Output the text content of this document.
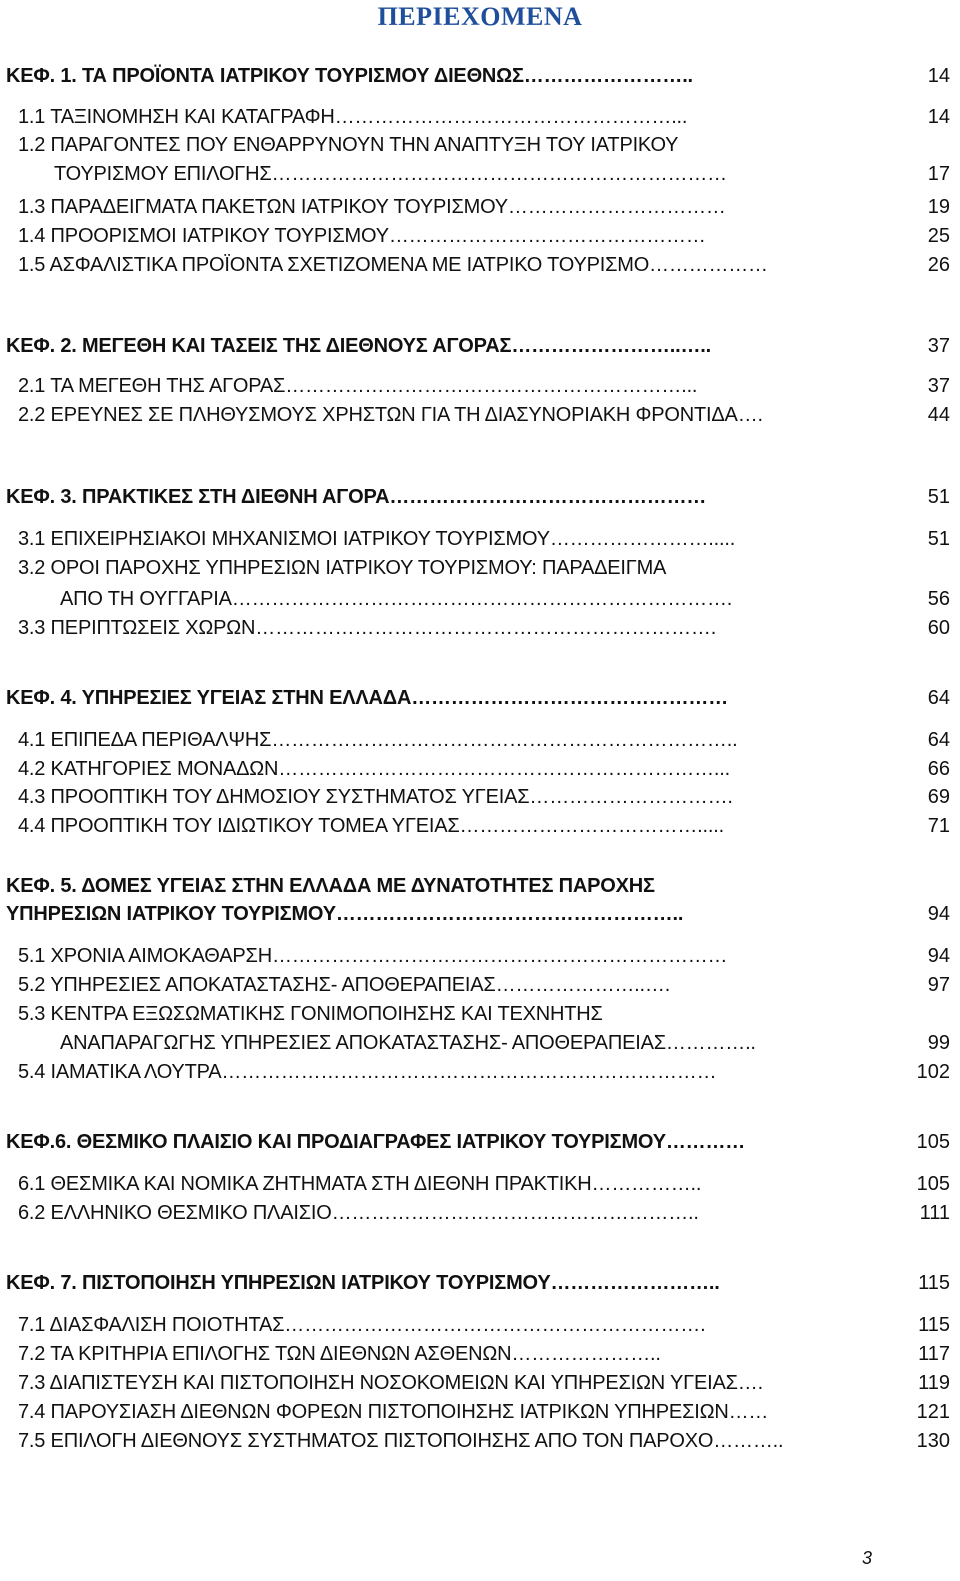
ΠΕΡΙΕΧΟΜΕΝΑ
ΚΕΦ. 1. ΤΑ ΠΡΟΪΟΝΤΑ ΙΑΤΡΙΚΟΥ ΤΟΥΡΙΣΜΟΥ ΔΙΕΘΝΩΣ……………………..	14
1.1 ΤΑΞΙΝΟΜΗΣΗ ΚΑΙ ΚΑΤΑΓΡΑΦΗ……………………………………………...	14
1.2 ΠΑΡΑΓΟΝΤΕΣ ΠΟΥ ΕΝΘΑΡΡΥΝΟΥΝ ΤΗΝ ΑΝΑΠΤΥΞΗ ΤΟΥ ΙΑΤΡΙΚΟΥ
ΤΟΥΡΙΣΜΟΥ ΕΠΙΛΟΓΗΣ……………………………………………………………	17
1.3 ΠΑΡΑΔΕΙΓΜΑΤΑ ΠΑΚΕΤΩΝ ΙΑΤΡΙΚΟΥ ΤΟΥΡΙΣΜΟΥ……………………………	19
1.4 ΠΡΟΟΡΙΣΜΟΙ ΙΑΤΡΙΚΟΥ ΤΟΥΡΙΣΜΟΥ…………………………………………	25
1.5 ΑΣΦΑΛΙΣΤΙΚΑ ΠΡΟΪΟΝΤΑ ΣΧΕΤΙΖΟΜΕΝΑ ΜΕ ΙΑΤΡΙΚΟ ΤΟΥΡΙΣΜΟ………………	26
ΚΕΦ. 2. ΜΕΓΕΘΗ ΚΑΙ ΤΑΣΕΙΣ ΤΗΣ ΔΙΕΘΝΟΥΣ ΑΓΟΡΑΣ……………………..…..	37
2.1 ΤΑ ΜΕΓΕΘΗ ΤΗΣ ΑΓΟΡΑΣ……………………………………………………...	37
2.2 ΕΡΕΥΝΕΣ ΣΕ ΠΛΗΘΥΣΜΟΥΣ ΧΡΗΣΤΩΝ ΓΙΑ ΤΗ ΔΙΑΣΥΝΟΡΙΑΚΗ ΦΡΟΝΤΙΔΑ….	44
ΚΕΦ. 3. ΠΡΑΚΤΙΚΕΣ ΣΤΗ ΔΙΕΘΝΗ ΑΓΟΡΑ…………………………………………	51
3.1 ΕΠΙΧΕΙΡΗΣΙΑΚΟΙ ΜΗΧΑΝΙΣΜΟΙ ΙΑΤΡΙΚΟΥ ΤΟΥΡΙΣΜΟΥ…………………….....	51
3.2 ΟΡΟΙ ΠΑΡΟΧΗΣ ΥΠΗΡΕΣΙΩΝ ΙΑΤΡΙΚΟΥ ΤΟΥΡΙΣΜΟΥ: ΠΑΡΑΔΕΙΓΜΑ
ΑΠΟ ΤΗ ΟΥΓΓΑΡΙΑ………………………………………………………………….	56
3.3 ΠΕΡΙΠΤΩΣΕΙΣ ΧΩΡΩΝ…………………………………………………………….	60
ΚΕΦ. 4. ΥΠΗΡΕΣΙΕΣ ΥΓΕΙΑΣ ΣΤΗΝ ΕΛΛΑΔΑ…………………………………………	64
4.1 ΕΠΙΠΕΔΑ ΠΕΡΙΘΑΛΨΗΣ……………………………………………………………..	64
4.2 ΚΑΤΗΓΟΡΙΕΣ ΜΟΝΑΔΩΝ…………………………………………………………...	66
4.3 ΠΡΟΟΠΤΙΚΗ ΤΟΥ ΔΗΜΟΣΙΟΥ ΣΥΣΤΗΜΑΤΟΣ ΥΓΕΙΑΣ………………………….	69
4.4 ΠΡΟΟΠΤΙΚΗ ΤΟΥ ΙΔΙΩΤΙΚΟΥ ΤΟΜΕΑ ΥΓΕΙΑΣ……………………………….....	71
ΚΕΦ. 5. ΔΟΜΕΣ ΥΓΕΙΑΣ ΣΤΗΝ ΕΛΛΑΔΑ ΜΕ ΔΥΝΑΤΟΤΗΤΕΣ ΠΑΡΟΧΗΣ
ΥΠΗΡΕΣΙΩΝ ΙΑΤΡΙΚΟΥ ΤΟΥΡΙΣΜΟΥ……………………………………………..	94
5.1 ΧΡΟΝΙΑ ΑΙΜΟΚΑΘΑΡΣΗ……………………………………………………………	94
5.2 ΥΠΗΡΕΣΙΕΣ ΑΠΟΚΑΤΑΣΤΑΣΗΣ- ΑΠΟΘΕΡΑΠΕΙΑΣ…………………..….	97
5.3 ΚΕΝΤΡΑ ΕΞΩΣΩΜΑΤΙΚΗΣ ΓΟΝΙΜΟΠΟΙΗΣΗΣ ΚΑΙ ΤΕΧΝΗΤΗΣ
ΑΝΑΠΑΡΑΓΩΓΗΣ ΥΠΗΡΕΣΙΕΣ ΑΠΟΚΑΤΑΣΤΑΣΗΣ- ΑΠΟΘΕΡΑΠΕΙΑΣ…………..	99
5.4 ΙΑΜΑΤΙΚΑ ΛΟΥΤΡΑ…………………………………………………………………	102
ΚΕΦ.6. ΘΕΣΜΙΚΟ ΠΛΑΙΣΙΟ ΚΑΙ ΠΡΟΔΙΑΓΡΑΦΕΣ ΙΑΤΡΙΚΟΥ ΤΟΥΡΙΣΜΟΥ…………	105
6.1 ΘΕΣΜΙΚΑ ΚΑΙ ΝΟΜΙΚΑ ΖΗΤΗΜΑΤΑ ΣΤΗ ΔΙΕΘΝΗ ΠΡΑΚΤΙΚΗ……………..	105
6.2 ΕΛΛΗΝΙΚΟ ΘΕΣΜΙΚΟ ΠΛΑΙΣΙΟ………………………………………………..	111
ΚΕΦ. 7. ΠΙΣΤΟΠΟΙΗΣΗ ΥΠΗΡΕΣΙΩΝ ΙΑΤΡΙΚΟΥ ΤΟΥΡΙΣΜΟΥ……………………..	115
7.1 ΔΙΑΣΦΑΛΙΣΗ ΠΟΙΟΤΗΤΑΣ……………………………………………………….	115
7.2 ΤΑ ΚΡΙΤΗΡΙΑ ΕΠΙΛΟΓΗΣ ΤΩΝ ΔΙΕΘΝΩΝ ΑΣΘΕΝΩΝ…………………..	117
7.3 ΔΙΑΠΙΣΤΕΥΣΗ ΚΑΙ ΠΙΣΤΟΠΟΙΗΣΗ ΝΟΣΟΚΟΜΕΙΩΝ ΚΑΙ ΥΠΗΡΕΣΙΩΝ ΥΓΕΙΑΣ….	119
7.4 ΠΑΡΟΥΣΙΑΣΗ ΔΙΕΘΝΩΝ ΦΟΡΕΩΝ ΠΙΣΤΟΠΟΙΗΣΗΣ ΙΑΤΡΙΚΩΝ ΥΠΗΡΕΣΙΩΝ……	121
7.5 ΕΠΙΛΟΓΗ ΔΙΕΘΝΟΥΣ ΣΥΣΤΗΜΑΤΟΣ ΠΙΣΤΟΠΟΙΗΣΗΣ ΑΠΟ ΤΟΝ ΠΑΡΟΧΟ………..	130
3
